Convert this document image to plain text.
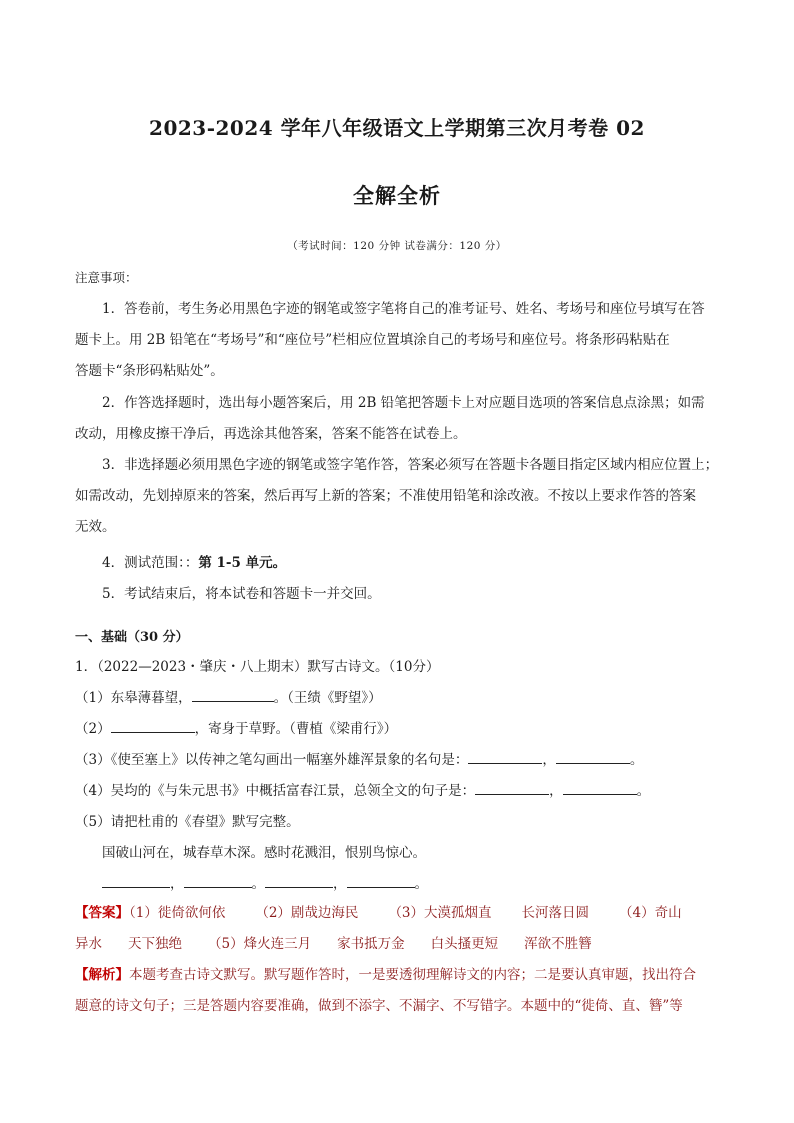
2023-2024 学年八年级语文上学期第三次月考卷 02
全解全析
（考试时间：120 分钟 试卷满分：120 分）
注意事项：
1．答卷前，考生务必用黑色字迹的钢笔或签字笔将自己的准考证号、姓名、考场号和座位号填写在答
题卡上。用 2B 铅笔在“考场号”和“座位号”栏相应位置填涂自己的考场号和座位号。将条形码粘贴在
答题卡“条形码粘贴处”。
2．作答选择题时，选出每小题答案后，用 2B 铅笔把答题卡上对应题目选项的答案信息点涂黑；如需
改动，用橡皮擦干净后，再选涂其他答案，答案不能答在试卷上。
3．非选择题必须用黑色字迹的钢笔或签字笔作答，答案必须写在答题卡各题目指定区域内相应位置上；
如需改动，先划掉原来的答案，然后再写上新的答案；不准使用铅笔和涂改液。不按以上要求作答的答案
无效。
4．测试范围：：第 1-5 单元。
5．考试结束后，将本试卷和答题卡一并交回。
一、基础（30 分）
1．（2022—2023・肇庆・八上期末）默写古诗文。（10分）
（1）东皋薄暮望，	。（王绩《野望》）
（2）	，寄身于草野。（曹植《梁甫行》）
（3）《使至塞上》以传神之笔勾画出一幅塞外雄浑景象的名句是：	，	。
（4）吴均的《与朱元思书》中概括富春江景，总领全文的句子是：	，	。
（5）请把杜甫的《春望》默写完整。
国破山河在，城春草木深。感时花溅泪，恨别鸟惊心。
，	。	，	。
【答案】（1）徙倚欲何依 （2）剧哉边海民 （3）大漠孤烟直 长河落日圆 （4）奇山
异水 天下独绝 （5）烽火连三月 家书抵万金 白头搔更短 浑欲不胜簪
【解析】本题考查古诗文默写。默写题作答时，一是要透彻理解诗文的内容；二是要认真审题，找出符合
题意的诗文句子；三是答题内容要准确，做到不添字、不漏字、不写错字。本题中的“徙倚、直、簪”等
